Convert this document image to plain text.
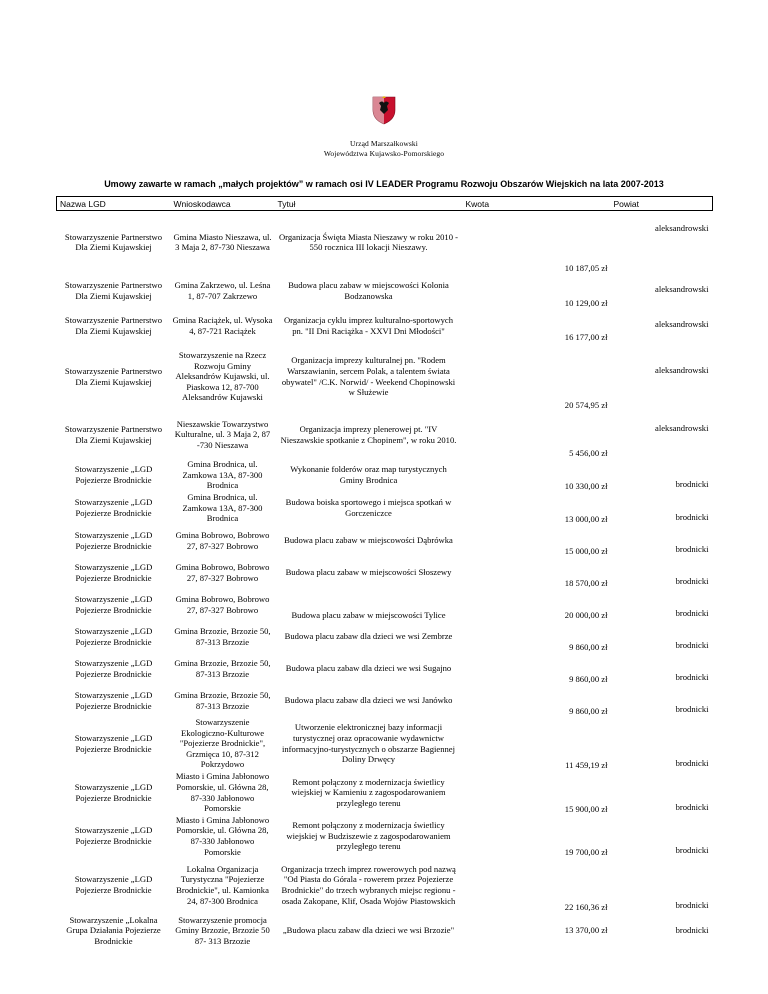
Urząd Marszałkowski
Województwa Kujawsko-Pomorskiego
Umowy zawarte w ramach „małych projektów” w ramach osi IV LEADER Programu Rozwoju Obszarów Wiejskich na lata 2007-2013
Nazwa LGD	Wnioskodawca	Tytuł	Kwota	Powiat
Stowarzyszenie Partnerstwo Dla Ziemi Kujawskiej	Gmina Miasto Nieszawa, ul. 3 Maja 2, 87-730 Nieszawa	Organizacja Święta Miasta Nieszawy w roku 2010 - 550 rocznica III lokacji Nieszawy.	10 187,05 zł	aleksandrowski
Stowarzyszenie Partnerstwo Dla Ziemi Kujawskiej	Gmina Zakrzewo, ul. Leśna 1, 87-707 Zakrzewo	Budowa placu zabaw w miejscowości Kolonia Bodzanowska	10 129,00 zł	aleksandrowski
Stowarzyszenie Partnerstwo Dla Ziemi Kujawskiej	Gmina Raciążek, ul. Wysoka 4, 87-721 Raciążek	Organizacja cyklu imprez kulturalno-sportowych pn. "II Dni Raciążka - XXVI Dni Młodości"	16 177,00 zł	aleksandrowski
Stowarzyszenie Partnerstwo Dla Ziemi Kujawskiej	Stowarzyszenie na Rzecz Rozwoju Gminy Aleksandrów Kujawski, ul. Piaskowa 12, 87-700 Aleksandrów Kujawski	Organizacja imprezy kulturalnej pn. "Rodem Warszawianin, sercem Polak, a talentem świata obywatel" /C.K. Norwid/ - Weekend Chopinowski w Służewie	20 574,95 zł	aleksandrowski
Stowarzyszenie Partnerstwo Dla Ziemi Kujawskiej	Nieszawskie Towarzystwo Kulturalne, ul. 3 Maja 2, 87 -730 Nieszawa	Organizacja imprezy plenerowej pt. "IV Nieszawskie spotkanie z Chopinem", w roku 2010.	5 456,00 zł	aleksandrowski
Stowarzyszenie „LGD Pojezierze Brodnickie	Gmina Brodnica, ul. Zamkowa 13A, 87-300 Brodnica	Wykonanie folderów oraz map turystycznych Gminy Brodnica	10 330,00 zł	brodnicki
Stowarzyszenie „LGD Pojezierze Brodnickie	Gmina Brodnica, ul. Zamkowa 13A, 87-300 Brodnica	Budowa boiska sportowego i miejsca spotkań w Gorczeniczce	13 000,00 zł	brodnicki
Stowarzyszenie „LGD Pojezierze Brodnickie	Gmina Bobrowo, Bobrowo 27, 87-327 Bobrowo	Budowa placu zabaw w miejscowości Dąbrówka	15 000,00 zł	brodnicki
Stowarzyszenie „LGD Pojezierze Brodnickie	Gmina Bobrowo, Bobrowo 27, 87-327 Bobrowo	Budowa placu zabaw w miejscowości Słoszewy	18 570,00 zł	brodnicki
Stowarzyszenie „LGD Pojezierze Brodnickie	Gmina Bobrowo, Bobrowo 27, 87-327 Bobrowo	Budowa placu zabaw w miejscowości Tylice	20 000,00 zł	brodnicki
Stowarzyszenie „LGD Pojezierze Brodnickie	Gmina Brzozie, Brzozie 50, 87-313 Brzozie	Budowa placu zabaw dla dzieci we wsi Zembrze	9 860,00 zł	brodnicki
Stowarzyszenie „LGD Pojezierze Brodnickie	Gmina Brzozie, Brzozie 50, 87-313 Brzozie	Budowa placu zabaw dla dzieci we wsi Sugajno	9 860,00 zł	brodnicki
Stowarzyszenie „LGD Pojezierze Brodnickie	Gmina Brzozie, Brzozie 50, 87-313 Brzozie	Budowa placu zabaw dla dzieci we wsi Janówko	9 860,00 zł	brodnicki
Stowarzyszenie „LGD Pojezierze Brodnickie	Stowarzyszenie Ekologiczno-Kulturowe "Pojezierze Brodnickie", Grzmięca 10, 87-312 Pokrzydowo	Utworzenie elektronicznej bazy informacji turystycznej oraz opracowanie wydawnictw informacyjno-turystycznych o obszarze Bagiennej Doliny Drwęcy	11 459,19 zł	brodnicki
Stowarzyszenie „LGD Pojezierze Brodnickie	Miasto i Gmina Jabłonowo Pomorskie, ul. Główna 28, 87-330 Jabłonowo Pomorskie	Remont połączony z modernizacja świetlicy wiejskiej w Kamieniu z zagospodarowaniem przyległego terenu	15 900,00 zł	brodnicki
Stowarzyszenie „LGD Pojezierze Brodnickie	Miasto i Gmina Jabłonowo Pomorskie, ul. Główna 28, 87-330 Jabłonowo Pomorskie	Remont połączony z modernizacja świetlicy wiejskiej w Budziszewie z zagospodarowaniem przyległego terenu	19 700,00 zł	brodnicki
Stowarzyszenie „LGD Pojezierze Brodnickie	Lokalna Organizacja Turystyczna "Pojezierze Brodnickie", ul. Kamionka 24, 87-300 Brodnica	Organizacja trzech imprez rowerowych pod nazwą "Od Piasta do Górala - rowerem przez Pojezierze Brodnickie" do trzech wybranych miejsc regionu - osada Zakopane, Klif, Osada Wojów Piastowskich	22 160,36 zł	brodnicki
Stowarzyszenie „Lokalna Grupa Działania Pojezierze Brodnickie	Stowarzyszenie promocja Gminy Brzozie, Brzozie 50 87- 313 Brzozie	„Budowa placu zabaw dla dzieci we wsi Brzozie"	13 370,00 zł	brodnicki
